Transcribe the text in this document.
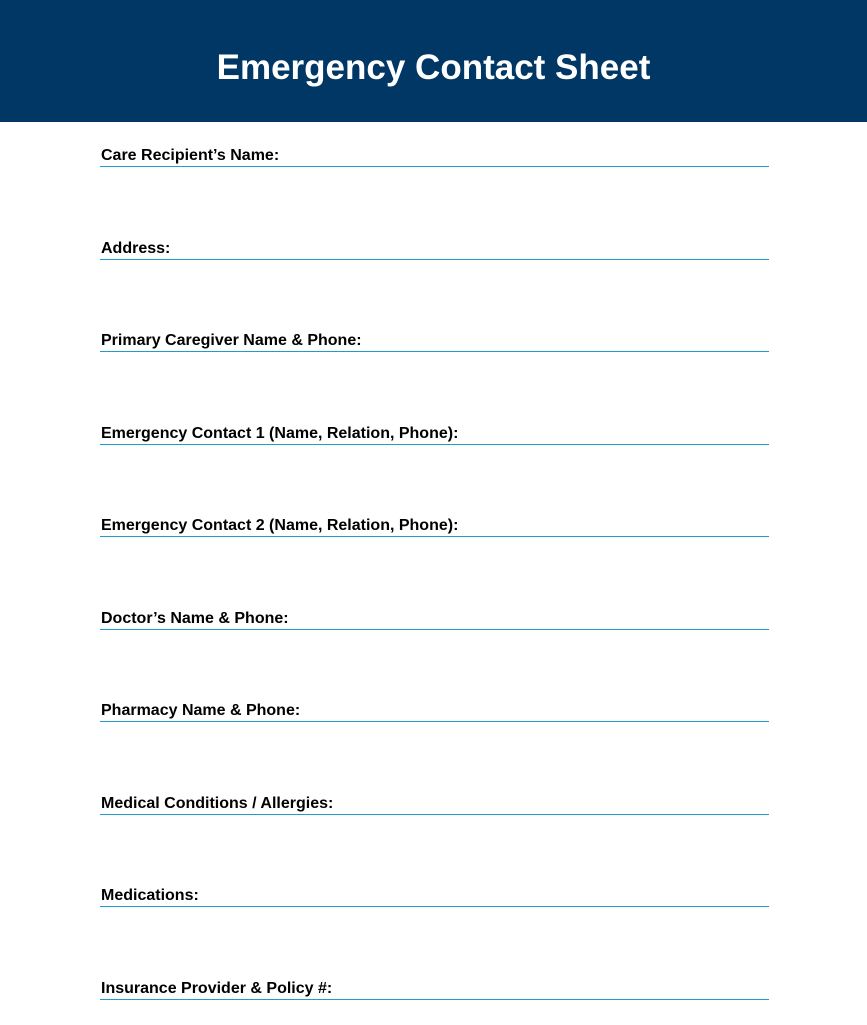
Emergency Contact Sheet
Care Recipient’s Name:
Address:
Primary Caregiver Name & Phone:
Emergency Contact 1 (Name, Relation, Phone):
Emergency Contact 2 (Name, Relation, Phone):
Doctor’s Name & Phone:
Pharmacy Name & Phone:
Medical Conditions / Allergies:
Medications:
Insurance Provider & Policy #:
